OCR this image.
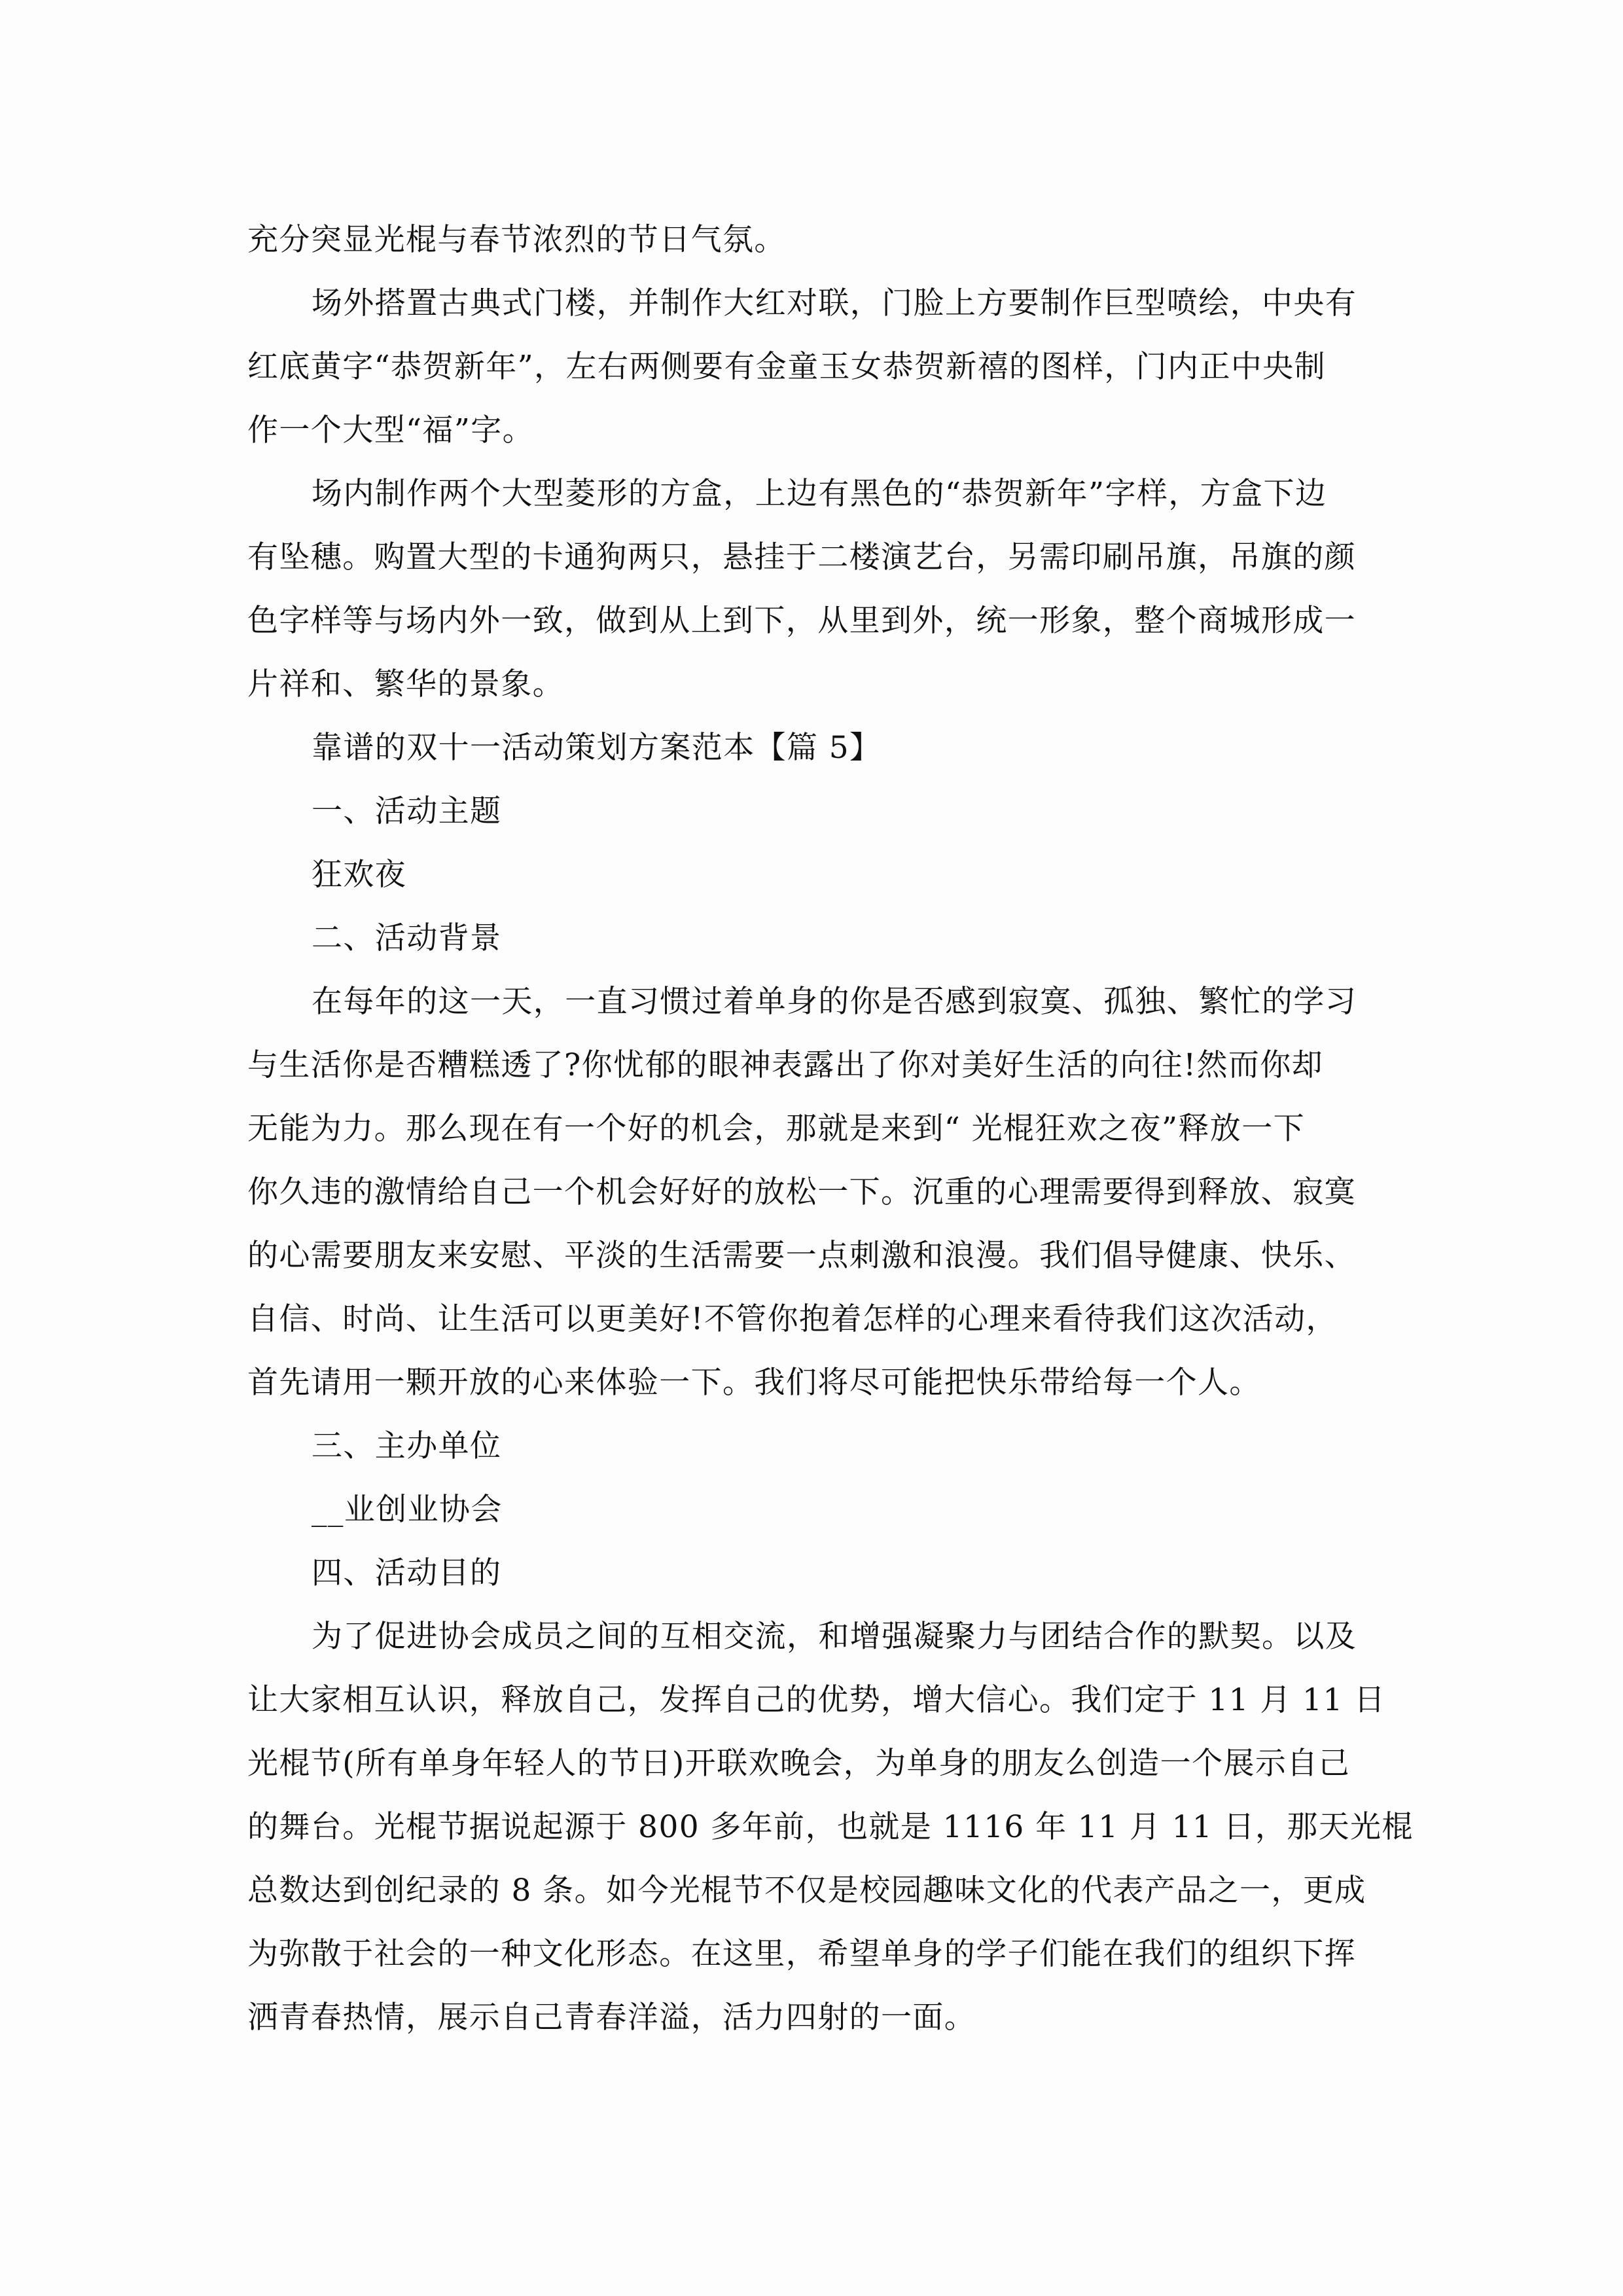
充分突显光棍与春节浓烈的节日气氛。
场外搭置古典式门楼，并制作大红对联，门脸上方要制作巨型喷绘，中央有
红底黄字“恭贺新年”，左右两侧要有金童玉女恭贺新禧的图样，门内正中央制
作一个大型“福”字。
场内制作两个大型菱形的方盒，上边有黑色的“恭贺新年”字样，方盒下边
有坠穗。购置大型的卡通狗两只，悬挂于二楼演艺台，另需印刷吊旗，吊旗的颜
色字样等与场内外一致，做到从上到下，从里到外，统一形象，整个商城形成一
片祥和、繁华的景象。
靠谱的双十一活动策划方案范本【篇 5】
一、活动主题
狂欢夜
二、活动背景
在每年的这一天，一直习惯过着单身的你是否感到寂寞、孤独、繁忙的学习
与生活你是否糟糕透了?你忧郁的眼神表露出了你对美好生活的向往!然而你却
无能为力。那么现在有一个好的机会，那就是来到“ 光棍狂欢之夜”释放一下
你久违的激情给自己一个机会好好的放松一下。沉重的心理需要得到释放、寂寞
的心需要朋友来安慰、平淡的生活需要一点刺激和浪漫。我们倡导健康、快乐、
自信、时尚、让生活可以更美好!不管你抱着怎样的心理来看待我们这次活动，
首先请用一颗开放的心来体验一下。我们将尽可能把快乐带给每一个人。
三、主办单位
__业创业协会
四、活动目的
为了促进协会成员之间的互相交流，和增强凝聚力与团结合作的默契。以及
让大家相互认识，释放自己，发挥自己的优势，增大信心。我们定于 11 月 11 日
光棍节(所有单身年轻人的节日)开联欢晚会，为单身的朋友么创造一个展示自己
的舞台。光棍节据说起源于 800 多年前，也就是 1116 年 11 月 11 日，那天光棍
总数达到创纪录的 8 条。如今光棍节不仅是校园趣味文化的代表产品之一，更成
为弥散于社会的一种文化形态。在这里，希望单身的学子们能在我们的组织下挥
洒青春热情，展示自己青春洋溢，活力四射的一面。
